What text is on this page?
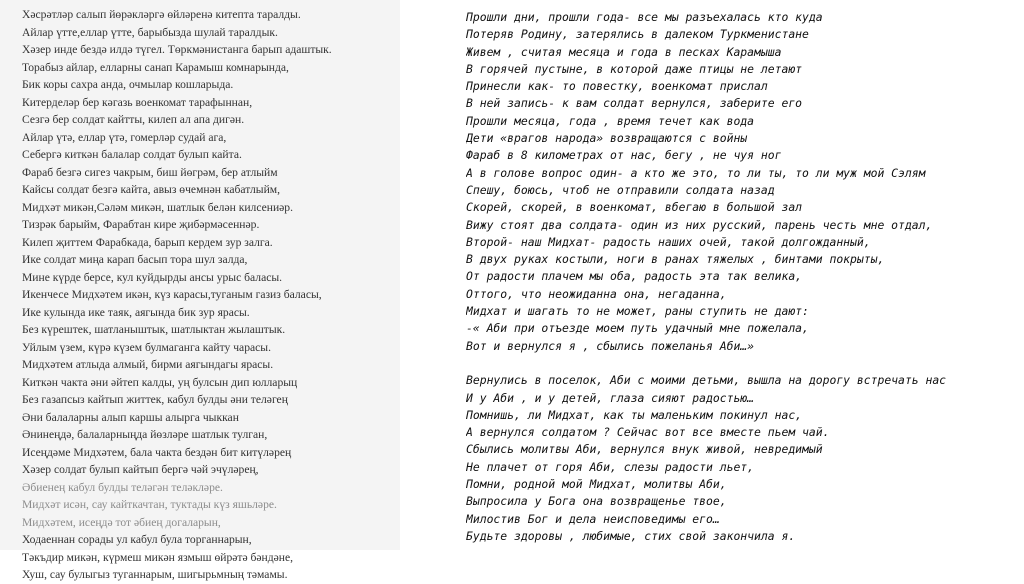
Хәсрәтләр салып йөрәкләргә өйләренә китепта таралды.
Айлар үтте,еллар үтте, барыбызда шулай таралдык.
Хәзер инде бездә илдә түгел. Төркмәнистанга барып адаштык.
Торабыз айлар, елларны санап Карамыш комнарында,
Бик коры сахра анда, очмылар кошларыда.
Китерделәр бер кәгазь военкомат тарафыннан,
Сезгә бер солдат кайтты, килеп ал апа дигән.
Айлар үтә, еллар үтә, гомерләр судай ага,
Себергә киткән балалар солдат булып кайта.
Фараб безгә сигез чакрым, биш йөгрәм, бер атлыйм
Кайсы солдат безгә кайта, авыз өчемнән кабатлыйм,
Мидхәт микән,Сәләм микән, шатлык белән килсениәр.
Тизрәк барыйм, Фарабтан кире җибәрмәсеннәр.
Килеп җиттем Фарабкада, барып кердем зур залга.
Ике солдат миңа карап басып тора шул залда,
Мине күрде берсе, кул куйдырды ансы урыс баласы.
Икенчесе Мидхәтем икән, күз карасы,туганым газиз баласы,
Ике кулында ике таяк, аягында бик зур ярасы.
Без күрештек, шатланыштык, шатлыктан жылаштык.
Уйлым үзем, күрә күзем булмаганга кайту чарасы.
Мидхәтем атлыда алмый, бирми аягындагы ярасы.
Киткән чакта әни әйтеп калды, уң булсын дип юлларыц
Без газапсыз кайтып життек, кабул булды әни теләгең
Әни балаларны алып каршы алырга чыккан
Әнинеңдә, балаларныңда йөзләре шатлык тулган,
Исеңдәме Мидхәтем, бала чакта бездән бит китүләрең
Хәзер солдат булып кайтып бергә чәй эчүләрең,
Әбиенең кабул булды теләгән теләкләре.
Мидхәт исән, сау кайткачтан, туктады күз яшьләре.
Мидхәтем, исеңдә тот әбиең догаларын,
Ходаеннан сорады ул кабул була торганнарын,
Тәкъдир микән, күрмеш микән язмыш өйрәтә бәндәне,
Хуш, сау булыгыз туганнарым, шигырьмның тәмамы.
Прошли дни, прошли года- все мы разъехалась кто куда
Потеряв Родину, затерялись в далеком Туркменистане
Живем , считая месяца и года в песках Карамыша
В горячей пустыне, в которой даже птицы не летают
Принесли как- то повестку, военкомат прислал
В ней запись- к вам солдат вернулся, заберите его
Прошли месяца, года , время течет как вода
Дети «врагов народа» возвращаются с войны
Фараб в 8 километрах от нас, бегу , не чуя ног
А в голове вопрос один- а кто же это, то ли ты, то ли муж мой Сэлям
Спешу, боюсь, чтоб не отправили солдата назад
Скорей, скорей, в военкомат, вбегаю в большой зал
Вижу стоят два солдата- один из них русский, парень честь мне отдал,
Второй- наш Мидхат- радость наших очей, такой долгожданный,
В двух руках костыли, ноги в ранах тяжелых , бинтами покрыты,
От радости плачем мы оба, радость эта так велика,
Оттого, что неожиданна она, негаданна,
Мидхат и шагать то не может, раны ступить не дают:
-« Аби при отъезде моем путь удачный мне пожелала,
Вот и вернулся я , сбылись пожеланья Аби…»
Вернулись в поселок, Аби с моими детьми, вышла на дорогу встречать нас
И у Аби , и у детей, глаза сияют радостью…
Помнишь, ли Мидхат, как ты маленьким покинул нас,
А вернулся солдатом ? Сейчас вот все вместе пьем чай.
Сбылись молитвы Аби, вернулся внук живой, невредимый
Не плачет от горя Аби, слезы радости льет,
Помни, родной мой Мидхат, молитвы Аби,
Выпросила у Бога она возвращенье твое,
Милостив Бог и дела неисповедимы его…
Будьте здоровы , любимые, стих свой закончила я.
